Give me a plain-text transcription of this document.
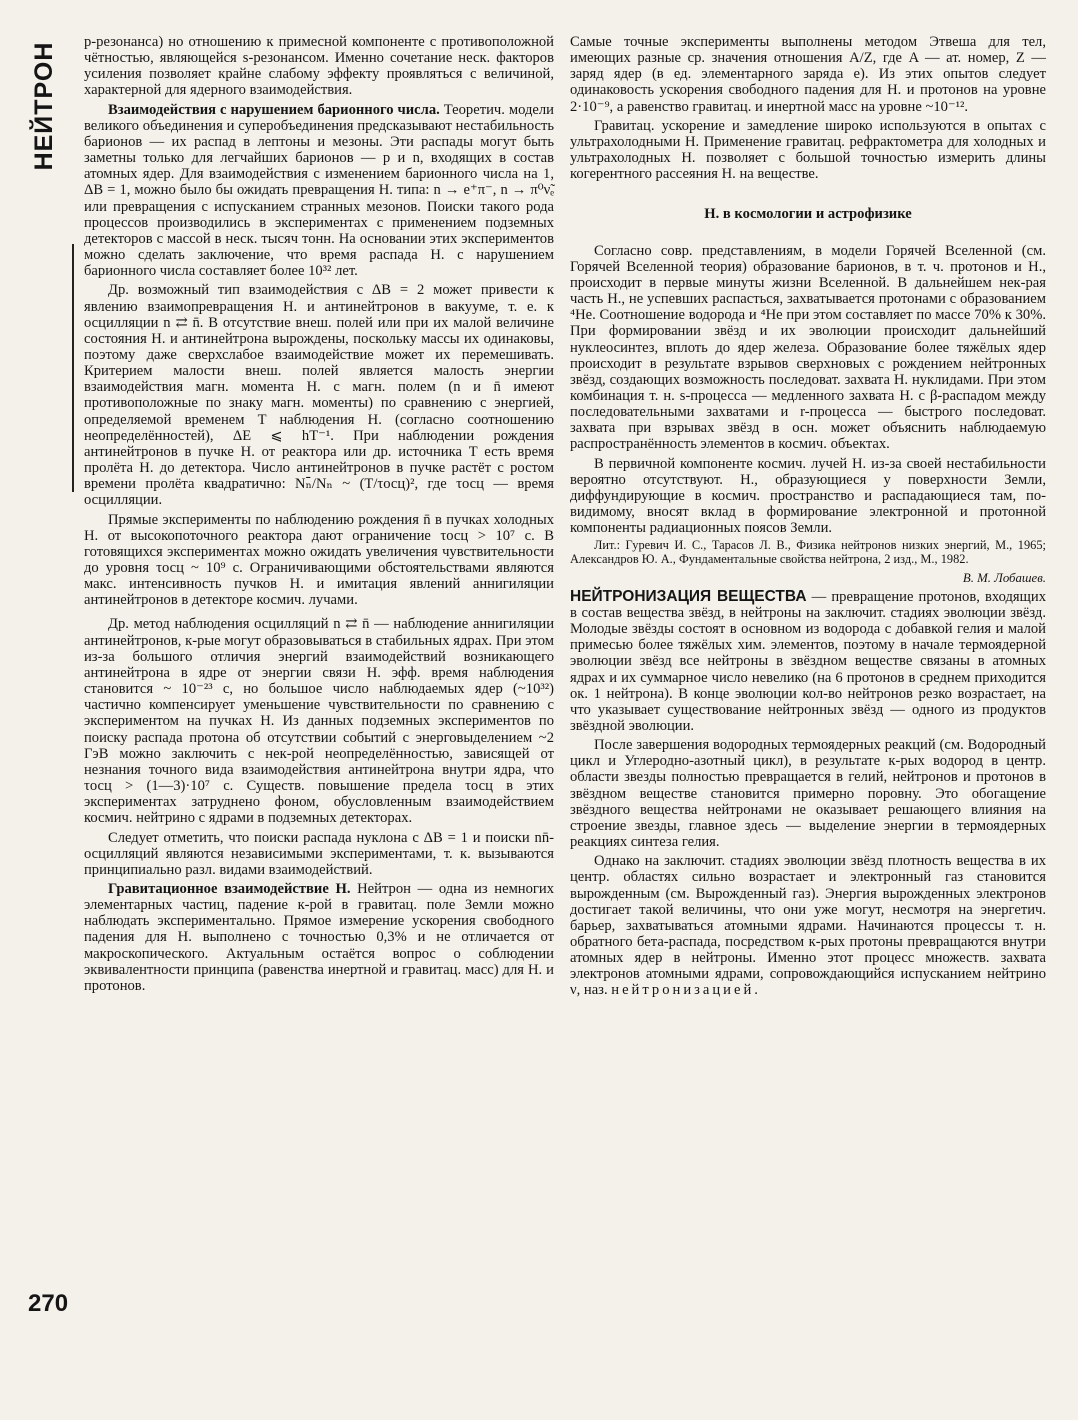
НЕЙТРОН р-резонанса) но отношению к примесной компоненте с противоположной чётностью, являющейся s-резонансом. Именно сочетание неск. факторов усиления позволяет крайне слабому эффекту проявляться с величиной, характерной для ядерного взаимодействия.

Взаимодействия с нарушением барионного числа. Теоретич. модели великого объединения и суперобъединения предсказывают нестабильность барионов — их распад в лептоны и мезоны. Эти распады могут быть заметны только для легчайших барионов — р и n, входящих в состав атомных ядер. Для взаимодействия с изменением барионного числа на 1, ΔB = 1, можно было бы ожидать превращения Н. типа: n → e⁺π⁻, n → π⁰ν̃ₑ или превращения с испусканием странных мезонов. Поиски такого рода процессов производились в экспериментах с применением подземных детекторов с массой в неск. тысяч тонн. На основании этих экспериментов можно сделать заключение, что время распада Н. с нарушением барионного числа составляет более 10³² лет.

Др. возможный тип взаимодействия с ΔB = 2 может привести к явлению взаимопревращения Н. и антинейтронов в вакууме, т. е. к осцилляции n ⇄ n̄. В отсутствие внеш. полей или при их малой величине состояния Н. и антинейтрона вырождены, поскольку массы их одинаковы, поэтому даже сверхслабое взаимодействие может их перемешивать. Критерием малости внеш. полей является малость энергии взаимодействия магн. момента Н. с магн. полем (n и n̄ имеют противоположные по знаку магн. моменты) по сравнению с энергией, определяемой временем T наблюдения Н. (согласно соотношению неопределённостей), ΔE ⩽ hT⁻¹. При наблюдении рождения антинейтронов в пучке Н. от реактора или др. источника T есть время пролёта Н. до детектора. Число антинейтронов в пучке растёт с ростом времени пролёта квадратично: Nₙ̄/Nₙ ~ (T/τосц)², где τосц — время осцилляции.

Прямые эксперименты по наблюдению рождения n̄ в пучках холодных Н. от высокопоточного реактора дают ограничение τосц > 10⁷ с. В готовящихся экспериментах можно ожидать увеличения чувствительности до уровня τосц ~ 10⁹ с. Ограничивающими обстоятельствами являются макс. интенсивность пучков Н. и имитация явлений аннигиляции антинейтронов в детекторе космич. лучами.

Др. метод наблюдения осцилляций n ⇄ n̄ — наблюдение аннигиляции антинейтронов, к-рые могут образовываться в стабильных ядрах. При этом из-за большого отличия энергий взаимодействий возникающего антинейтрона в ядре от энергии связи Н. эфф. время наблюдения становится ~ 10⁻²³ с, но большое число наблюдаемых ядер (~10³²) частично компенсирует уменьшение чувствительности по сравнению с экспериментом на пучках Н. Из данных подземных экспериментов по поиску распада протона об отсутствии событий с энерговыделением ~2 ГэВ можно заключить с нек-рой неопределённостью, зависящей от незнания точного вида взаимодействия антинейтрона внутри ядра, что τосц > (1—3)·10⁷ с. Существ. повышение предела τосц в этих экспериментах затруднено фоном, обусловленным взаимодействием космич. нейтрино с ядрами в подземных детекторах.

Следует отметить, что поиски распада нуклона с ΔB = 1 и поиски nn̄-осцилляций являются независимыми экспериментами, т. к. вызываются принципиально разл. видами взаимодействий.

Гравитационное взаимодействие Н. Нейтрон — одна из немногих элементарных частиц, падение к-рой в гравитац. поле Земли можно наблюдать экспериментально. Прямое измерение ускорения свободного падения для Н. выполнено с точностью 0,3% и не отличается от макроскопического. Актуальным остаётся вопрос о соблюдении эквивалентности принципа (равенства инертной и гравитац. масс) для Н. и протонов.

Самые точные эксперименты выполнены методом Этвеша для тел, имеющих разные ср. значения отношения A/Z, где A — ат. номер, Z — заряд ядер (в ед. элементарного заряда e). Из этих опытов следует одинаковость ускорения свободного падения для Н. и протонов на уровне 2·10⁻⁹, а равенство гравитац. и инертной масс на уровне ~10⁻¹².

Гравитац. ускорение и замедление широко используются в опытах с ультрахолодными Н. Применение гравитац. рефрактометра для холодных и ультрахолодных Н. позволяет с большой точностью измерить длины когерентного рассеяния Н. на веществе.

Н. в космологии и астрофизике

Согласно совр. представлениям, в модели Горячей Вселенной (см. Горячей Вселенной теория) образование барионов, в т. ч. протонов и Н., происходит в первые минуты жизни Вселенной. В дальнейшем нек-рая часть Н., не успевших распасться, захватывается протонами с образованием ⁴He. Соотношение водорода и ⁴He при этом составляет по массе 70% к 30%. При формировании звёзд и их эволюции происходит дальнейший нуклеосинтез, вплоть до ядер железа. Образование более тяжёлых ядер происходит в результате взрывов сверхновых с рождением нейтронных звёзд, создающих возможность последоват. захвата Н. нуклидами. При этом комбинация т. н. s-процесса — медленного захвата Н. с β-распадом между последовательными захватами и r-процесса — быстрого последоват. захвата при взрывах звёзд в осн. может объяснить наблюдаемую распространённость элементов в космич. объектах.

В первичной компоненте космич. лучей Н. из-за своей нестабильности вероятно отсутствуют. Н., образующиеся у поверхности Земли, диффундирующие в космич. пространство и распадающиеся там, по-видимому, вносят вклад в формирование электронной и протонной компоненты радиационных поясов Земли.

Лит.: Гуревич И. С., Тарасов Л. В., Физика нейтронов низких энергий, М., 1965; Александров Ю. А., Фундаментальные свойства нейтрона, 2 изд., М., 1982.

В. М. Лобашев.

НЕЙТРОНИЗАЦИЯ ВЕЩЕСТВА — превращение протонов, входящих в состав вещества звёзд, в нейтроны на заключит. стадиях эволюции звёзд. Молодые звёзды состоят в основном из водорода с добавкой гелия и малой примесью более тяжёлых хим. элементов, поэтому в начале термоядерной эволюции звёзд все нейтроны в звёздном веществе связаны в атомных ядрах и их суммарное число невелико (на 6 протонов в среднем приходится ок. 1 нейтрона). В конце эволюции кол-во нейтронов резко возрастает, на что указывает существование нейтронных звёзд — одного из продуктов звёздной эволюции.

После завершения водородных термоядерных реакций (см. Водородный цикл и Углеродно-азотный цикл), в результате к-рых водород в центр. области звезды полностью превращается в гелий, нейтронов и протонов в звёздном веществе становится примерно поровну. Это обогащение звёздного вещества нейтронами не оказывает решающего влияния на строение звезды, главное здесь — выделение энергии в термоядерных реакциях синтеза гелия.

Однако на заключит. стадиях эволюции звёзд плотность вещества в их центр. областях сильно возрастает и электронный газ становится вырожденным (см. Вырожденный газ). Энергия вырожденных электронов достигает такой величины, что они уже могут, несмотря на энергетич. барьер, захватываться атомными ядрами. Начинаются процессы т. н. обратного бета-распада, посредством к-рых протоны превращаются внутри атомных ядер в нейтроны. Именно этот процесс множеств. захвата электронов атомными ядрами, сопровождающийся испусканием нейтрино ν, наз. нейтронизацией.

270
